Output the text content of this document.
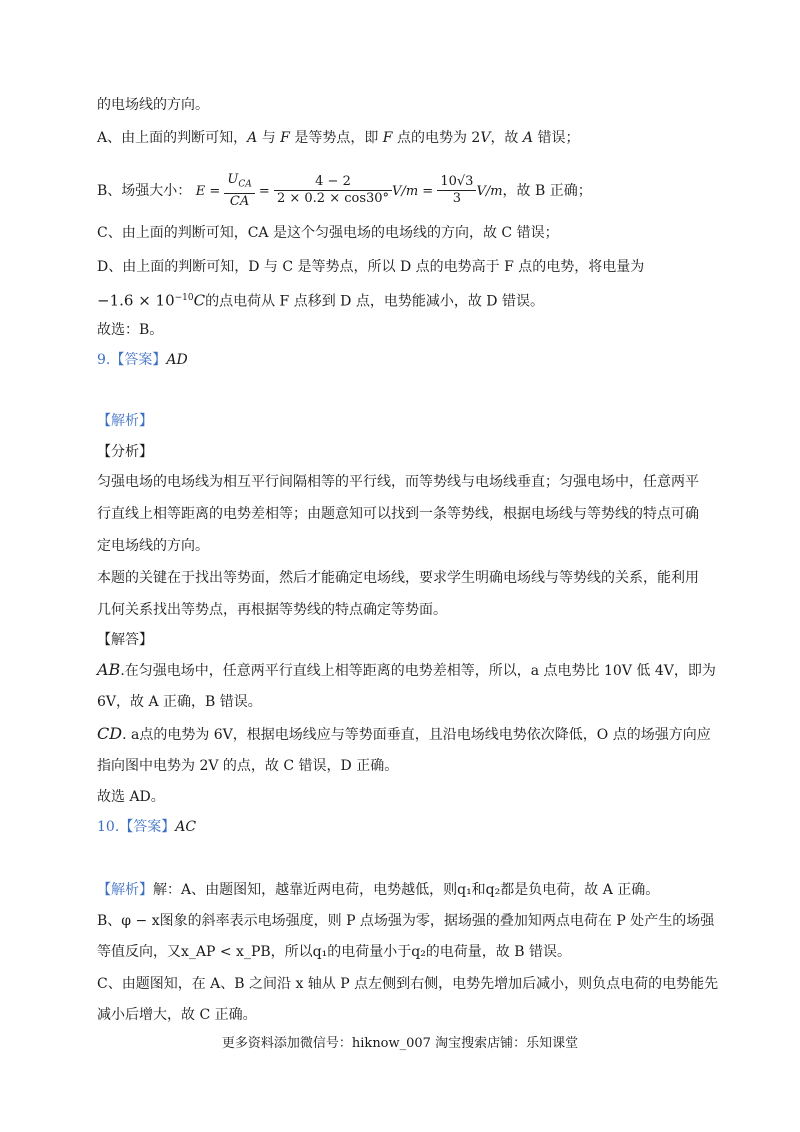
的电场线的方向。
A、由上面的判断可知，A 与 F 是等势点，即 F 点的电势为 2V，故 A 错误；
B、场强大小： $E = \frac{U_{CA}}{CA} = \frac{4 - 2}{2 \times 0.2 \times \cos 30^\circ} V/m = \frac{10√3}{3} V/m$，故 B 正确；
C、由上面的判断可知，CA 是这个匀强电场的电场线的方向，故 C 错误；
D、由上面的判断可知，D 与 C 是等势点，所以 D 点的电势高于 F 点的电势，将电量为
$-1.6 \times 10^{-10}C$的点电荷从 F 点移到 D 点，电势能减小，故 D 错误。
故选：B。
9.【答案】AD
【解析】
【分析】
匀强电场的电场线为相互平行间隔相等的平行线，而等势线与电场线垂直；匀强电场中，任意两平
行直线上相等距离的电势差相等；由题意知可以找到一条等势线，根据电场线与等势线的特点可确
定电场线的方向。
本题的关键在于找出等势面，然后才能确定电场线，要求学生明确电场线与等势线的关系，能利用
几何关系找出等势点，再根据等势线的特点确定等势面。
【解答】
AB.在匀强电场中，任意两平行直线上相等距离的电势差相等，所以，a 点电势比 10V 低 4V，即为
6V，故 A 正确，B 错误。
CD. a点的电势为 6V，根据电场线应与等势面垂直，且沿电场线电势依次降低，O 点的场强方向应
指向图中电势为 2V 的点，故 C 错误，D 正确。
故选 AD。
10.【答案】AC
【解析】解：A、由题图知，越靠近两电荷，电势越低，则q₁和q₂都是负电荷，故 A 正确。
B、φ − x图象的斜率表示电场强度，则 P 点场强为零，据场强的叠加知两点电荷在 P 处产生的场强
等值反向，又x_AP < x_PB，所以q₁的电荷量小于q₂的电荷量，故 B 错误。
C、由题图知，在 A、B 之间沿 x 轴从 P 点左侧到右侧，电势先增加后减小，则负点电荷的电势能先
减小后增大，故 C 正确。
更多资料添加微信号：hiknow_007 淘宝搜索店铺：乐知课堂
